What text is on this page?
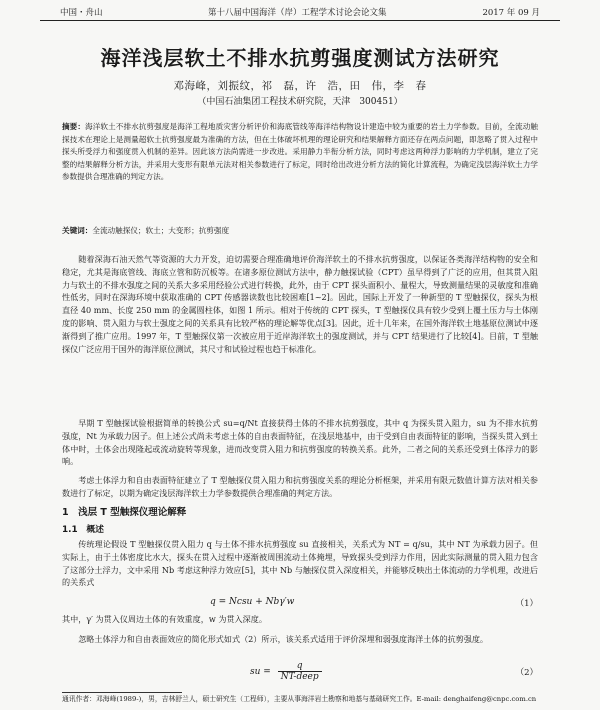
中国・舟山	第十八届中国海洋（岸）工程学术讨论会论文集	2017 年 09 月
海洋浅层软土不排水抗剪强度测试方法研究
邓海峰，刘振纹，祁　磊，许　浩，田　伟，李　春
（中国石油集团工程技术研究院，天津　300451）
摘要：海洋软土不排水抗剪强度是海洋工程地质灾害分析评价和海底管线等海洋结构物设计建造中较为重要的岩土力学参数。目前，全流动触探技术在理论上是测量超软土抗剪强度最为准确的方法，但在土体破坏机理的理论研究和结果解释方面还存在两点问题，即忽略了贯入过程中探头所受浮力和强度贯入机制的差异。因此该方法尚需进一步改进。采用静力半衔分析方法，同时考虑这两种浮力影响的力学机制，建立了完整的结果解释分析方法，并采用大变形有限单元法对相关参数进行了标定，同时给出改进分析方法的简化计算流程，为确定浅层海洋软土力学参数提供合理准确的判定方法。
关键词：全流动触探仪；软土；大变形；抗剪强度
随着深海石油天然气等资源的大力开发，迫切需要合理准确地评价海洋软土的不排水抗剪强度，以保证各类海洋结构物的安全和稳定，尤其是海底管线、海底立管和防沉板等。在诸多原位测试方法中，静力触探试验（CPT）虽早得到了广泛的应用，但其贯入阻力与软土的不排水强度之间的关系大多采用经验公式进行转换，此外，由于 CPT 探头面积小、量程大，导致测量结果的灵敏度和准确性低劣，同时在深海环境中获取准确的 CPT 传感器读数也比较困难[1~2]。因此，国际上开发了一种新型的 T 型触探仪，探头为根直径 40 mm、长度 250 mm 的金属圆柱体，如图 1 所示。相对于传统的 CPT 探头，T 型触探仪具有较少受到上覆土压力与土体刚度的影响、贯入阻力与软土强度之间的关系具有比较严格的理论解等优点[3]。因此，近十几年来，在国外海洋软土地基原位测试中逐渐得到了推广应用。1997 年，T 型触探仪第一次被应用于近岸海洋软土的强度测试，并与 CPT 结果进行了比较[4]。目前，T 型触探仪广泛应用于国外的海洋原位测试，其尺寸和试验过程也趋于标准化。
早期 T 型触探试验根据简单的转换公式 su=q/Nt 直接获得土体的不排水抗剪强度，其中 q 为探头贯入阻力，su 为不排水抗剪强度，Nt 为承载力因子。但上述公式尚未考虑土体的自由表面特征，在浅层地基中，由于受到自由表面特征的影响，当探头贯入到土体中时，土体会出现隆起或流动旋转等现象，进而改变贯入阻力和抗剪强度的转换关系。此外，二者之间的关系还受到土体浮力的影响。
考虑土体浮力和自由表面特征建立了 T 型触探仪贯入阻力和抗剪强度关系的理论分析框架，并采用有限元数值计算方法对相关参数进行了标定，以期为确定浅层海洋软土力学参数提供合理准确的判定方法。
1　浅层 T 型触探仪理论解释
1.1　概述
传统理论假设 T 型触探仪贯入阻力 q 与土体不排水抗剪强度 su 直接相关，关系式为 NT = q/su，其中 NT 为承载力因子。但实际上，由于土体密度比水大，探头在贯入过程中逐渐被周围流动土体掩埋，导致探头受到浮力作用，因此实际测量的贯入阻力包含了这部分土浮力，文中采用 Nb 考虑这种浮力效应[5]，其中 Nb 与触探仪贯入深度相关，并能够反映出土体流动的力学机理，改进后的关系式
q = Ncsu + Nbγ′w	（1）
其中，γ′ 为贯入仪周边土体的有效重度，w 为贯入深度。
忽略土体浮力和自由表面效应的简化形式如式（2）所示，该关系式适用于评价深埋和弱强度海洋土体的抗剪强度。
su = $\frac{q}{\text{NT-deep}}$	（2）
通讯作者：邓海峰(1989-)，男，吉林舒兰人，硕士研究生（工程师），主要从事海洋岩土勘察和地基与基础研究工作。E-mail: denghaifeng@cnpc.com.cn
